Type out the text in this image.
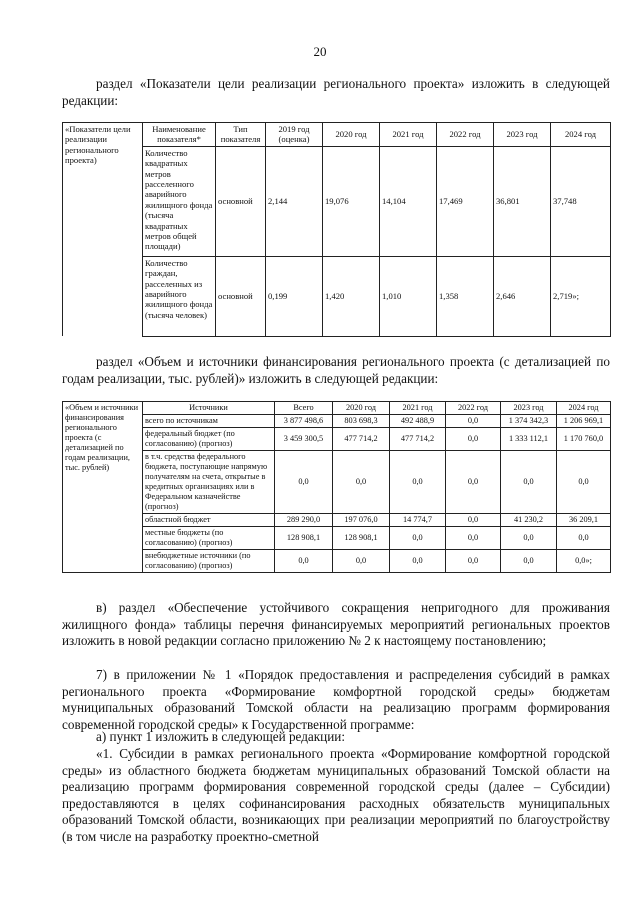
20
раздел «Показатели цели реализации регионального проекта» изложить в следующей редакции:
«Показатели цели реализации регионального проекта)	Наименование показателя*	Тип показателя	2019 год (оценка)	2020 год	2021 год	2022 год	2023 год	2024 год
	Количество квадратных метров расселенного аварийного жилищного фонда (тысяча квадратных метров общей площади)	основной	2,144	19,076	14,104	17,469	36,801	37,748
	Количество граждан, расселенных из аварийного жилищного фонда (тысяча человек)	основной	0,199	1,420	1,010	1,358	2,646	2,719»;
раздел «Объем и источники финансирования регионального проекта (с детализацией по годам реализации, тыс. рублей)» изложить в следующей редакции:
«Объем и источники финансирования регионального проекта (с детализацией по годам реализации, тыс. рублей)	Источники	Всего	2020 год	2021 год	2022 год	2023 год	2024 год
	всего по источникам	3 877 498,6	803 698,3	492 488,9	0,0	1 374 342,3	1 206 969,1
	федеральный бюджет (по согласованию) (прогноз)	3 459 300,5	477 714,2	477 714,2	0,0	1 333 112,1	1 170 760,0
	в т.ч. средства федерального бюджета, поступающие напрямую получателям на счета, открытые в кредитных организациях или в Федеральном казначействе (прогноз)	0,0	0,0	0,0	0,0	0,0	0,0
	областной бюджет	289 290,0	197 076,0	14 774,7	0,0	41 230,2	36 209,1
	местные бюджеты (по согласованию) (прогноз)	128 908,1	128 908,1	0,0	0,0	0,0	0,0
	внебюджетные источники (по согласованию) (прогноз)	0,0	0,0	0,0	0,0	0,0	0,0»;
в) раздел «Обеспечение устойчивого сокращения непригодного для проживания жилищного фонда» таблицы перечня финансируемых мероприятий региональных проектов изложить в новой редакции согласно приложению № 2 к настоящему постановлению;
7) в приложении № 1 «Порядок предоставления и распределения субсидий в рамках регионального проекта «Формирование комфортной городской среды» бюджетам муниципальных образований Томской области на реализацию программ формирования современной городской среды» к Государственной программе:
а) пункт 1 изложить в следующей редакции:
«1. Субсидии в рамках регионального проекта «Формирование комфортной городской среды» из областного бюджета бюджетам муниципальных образований Томской области на реализацию программ формирования современной городской среды (далее – Субсидии) предоставляются в целях софинансирования расходных обязательств муниципальных образований Томской области, возникающих при реализации мероприятий по благоустройству (в том числе на разработку проектно-сметной
